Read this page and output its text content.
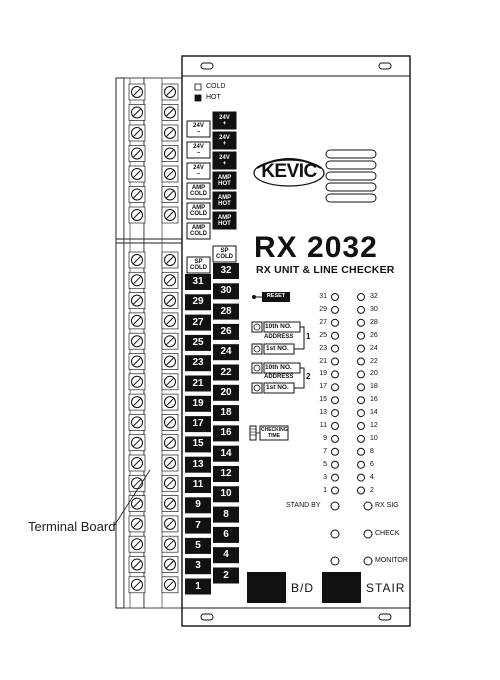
COLD
HOT
KEVIC
RX 2032
RX UNIT & LINE CHECKER
B/D	STAIR
Terminal Board
RESET
10th NO.
ADDRESS 1
1st NO.
10th NO.
ADDRESS 2
1st NO.
CHECKING
TIME
STAND BY	RX SIG
CHECK
MONITOR
24V
–
24V
–
24V
–
AMP
COLD
AMP
COLD
AMP
COLD
24V
+
24V
+
24V
+
AMP
HOT
AMP
HOT
AMP
HOT
SP
COLD
SP
COLD
32
30
28
26
24
22
20
18
16
14
12
10
8
6
4
2
31
29
27
25
23
21
19
17
15
13
11
9
7
5
3
1
31
29
27
25
23
21
19
17
15
13
11
9
7
5
3
1
32
30
28
26
24
22
20
18
16
14
12
10
8
6
4
2
